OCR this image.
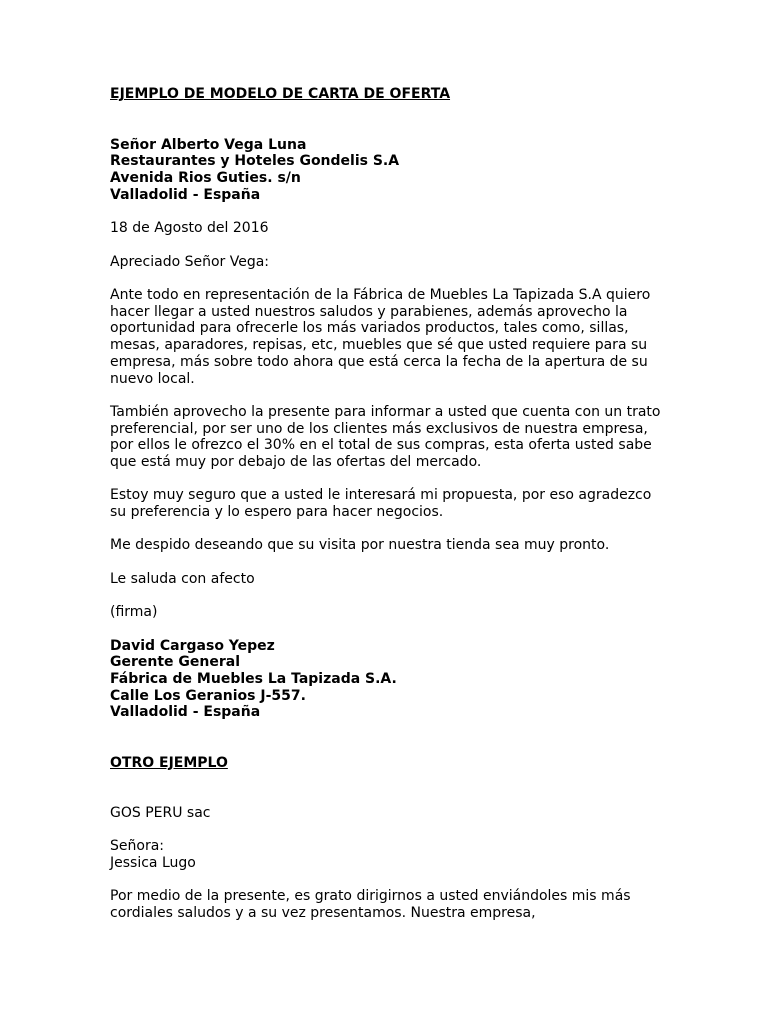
EJEMPLO DE MODELO DE CARTA DE OFERTA

Señor Alberto Vega Luna
Restaurantes y Hoteles Gondelis S.A
Avenida Rios Guties. s/n
Valladolid - España

18 de Agosto del 2016

Apreciado Señor Vega:

Ante todo en representación de la Fábrica de Muebles La Tapizada S.A quiero hacer llegar a usted nuestros saludos y parabienes, además aprovecho la oportunidad para ofrecerle los más variados productos, tales como, sillas, mesas, aparadores, repisas, etc, muebles que sé que usted requiere para su empresa, más sobre todo ahora que está cerca la fecha de la apertura de su nuevo local.

También aprovecho la presente para informar a usted que cuenta con un trato preferencial, por ser uno de los clientes más exclusivos de nuestra empresa, por ellos le ofrezco el 30% en el total de sus compras, esta oferta usted sabe que está muy por debajo de las ofertas del mercado.

Estoy muy seguro que a usted le interesará mi propuesta, por eso agradezco su preferencia y lo espero para hacer negocios.

Me despido deseando que su visita por nuestra tienda sea muy pronto.

Le saluda con afecto

(firma)

David Cargaso Yepez
Gerente General
Fábrica de Muebles La Tapizada S.A.
Calle Los Geranios J-557.
Valladolid - España

OTRO EJEMPLO

GOS PERU sac

Señora:

Jessica Lugo

Por medio de la presente, es grato dirigirnos a usted enviándoles mis más cordiales saludos y a su vez presentamos. Nuestra empresa,
